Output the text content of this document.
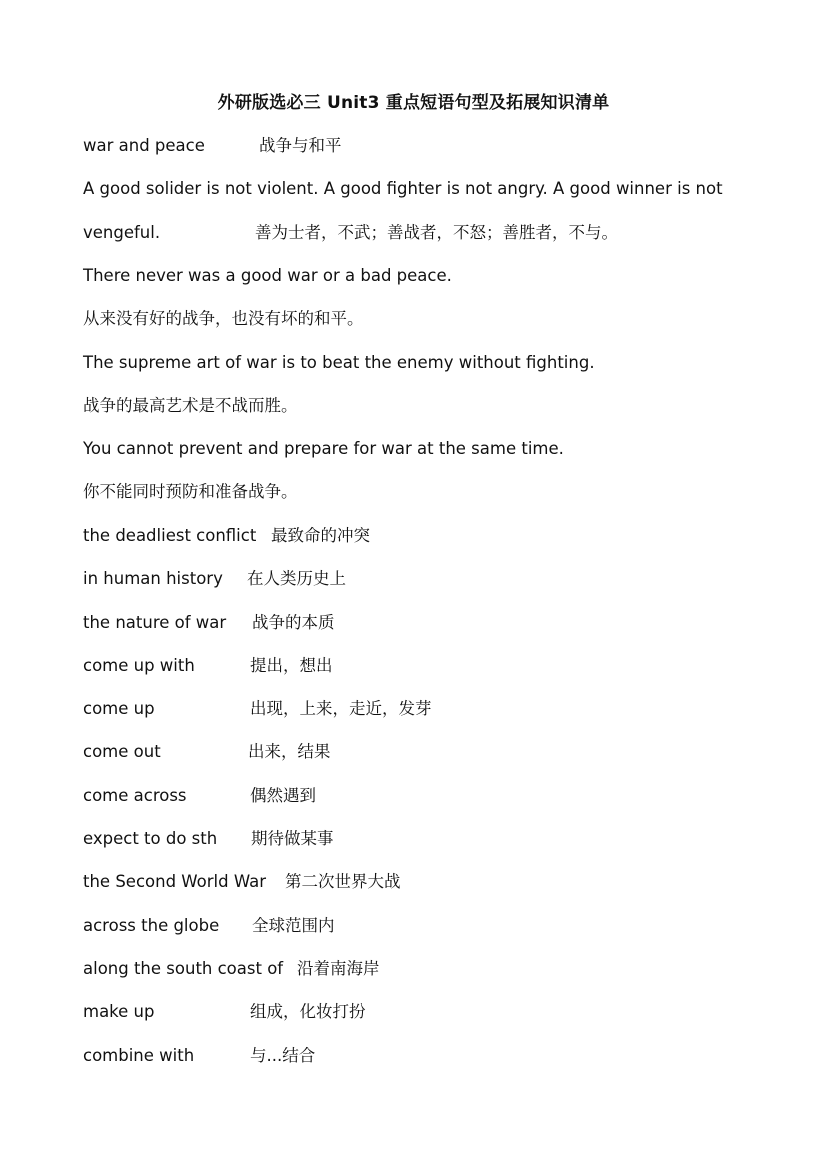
外研版选必三 Unit3 重点短语句型及拓展知识清单
war and peace	战争与和平
A good solider is not violent. A good fighter is not angry. A good winner is not
vengeful.	善为士者，不武；善战者，不怒；善胜者，不与。
There never was a good war or a bad peace.
从来没有好的战争，也没有坏的和平。
The supreme art of war is to beat the enemy without fighting.
战争的最高艺术是不战而胜。
You cannot prevent and prepare for war at the same time.
你不能同时预防和准备战争。
the deadliest conflict 最致命的冲突
in human history 在人类历史上
the nature of war 战争的本质
come up with	提出，想出
come up	出现，上来，走近，发芽
come out	出来，结果
come across	偶然遇到
expect to do sth 期待做某事
the Second World War 第二次世界大战
across the globe 全球范围内
along the south coast of 沿着南海岸
make up	组成，化妆打扮
combine with	与...结合
